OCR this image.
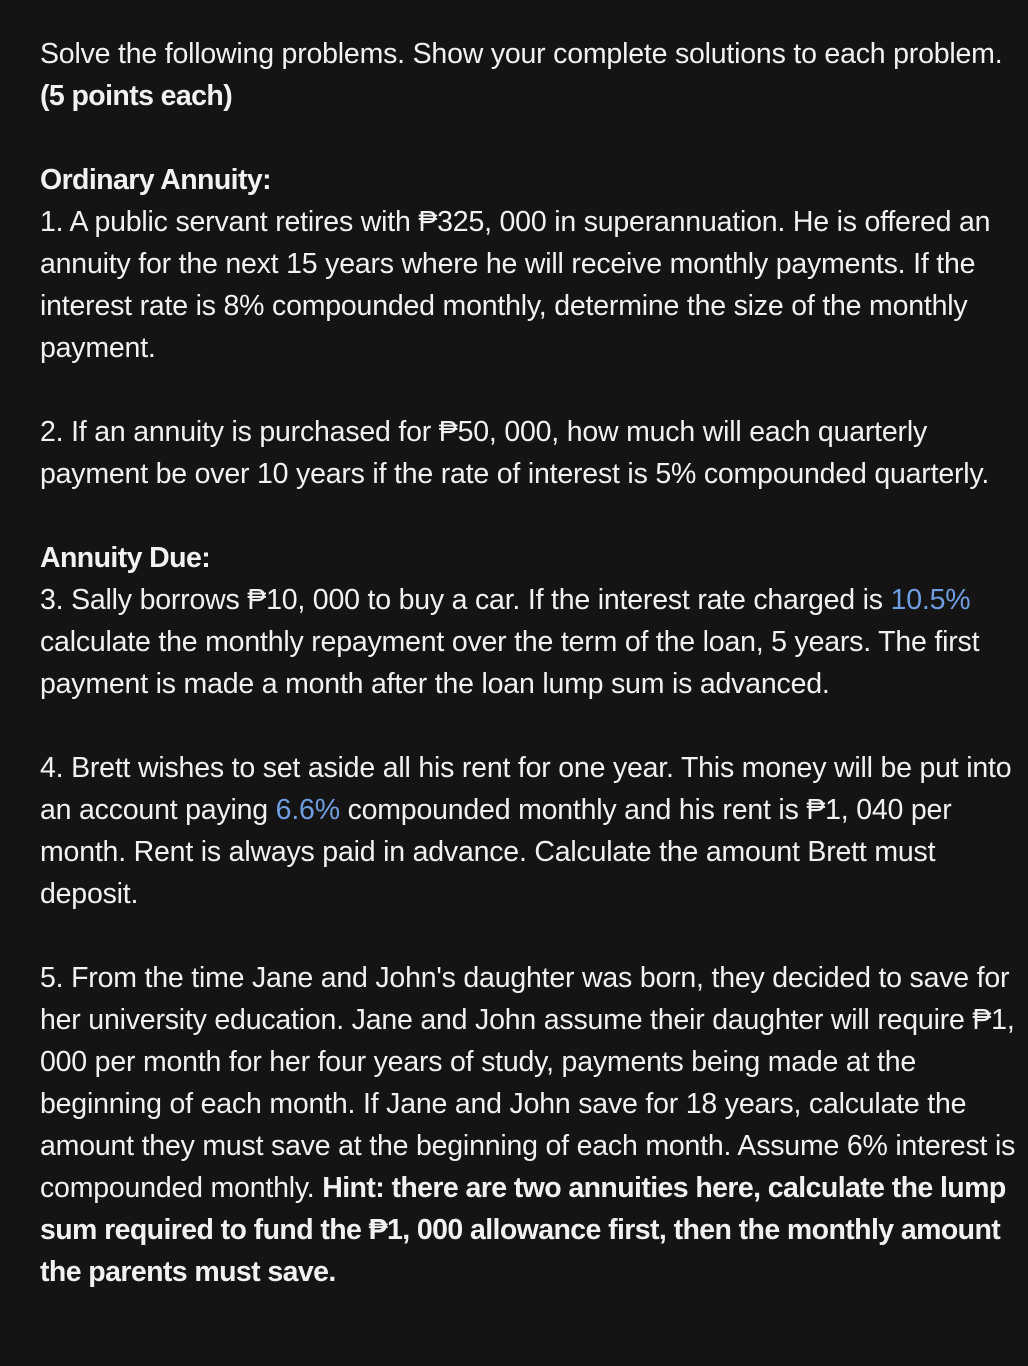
Solve the following problems. Show your complete solutions to each problem. (5 points each)

Ordinary Annuity:

1. A public servant retires with ₱325, 000 in superannuation. He is offered an annuity for the next 15 years where he will receive monthly payments. If the interest rate is 8% compounded monthly, determine the size of the monthly payment.

2. If an annuity is purchased for ₱50, 000, how much will each quarterly payment be over 10 years if the rate of interest is 5% compounded quarterly.

Annuity Due:

3. Sally borrows ₱10, 000 to buy a car. If the interest rate charged is 10.5% calculate the monthly repayment over the term of the loan, 5 years. The first payment is made a month after the loan lump sum is advanced.

4. Brett wishes to set aside all his rent for one year. This money will be put into an account paying 6.6% compounded monthly and his rent is ₱1, 040 per month. Rent is always paid in advance. Calculate the amount Brett must deposit.

5. From the time Jane and John's daughter was born, they decided to save for her university education. Jane and John assume their daughter will require ₱1, 000 per month for her four years of study, payments being made at the beginning of each month. If Jane and John save for 18 years, calculate the amount they must save at the beginning of each month. Assume 6% interest is compounded monthly. Hint: there are two annuities here, calculate the lump sum required to fund the ₱1, 000 allowance first, then the monthly amount the parents must save.
